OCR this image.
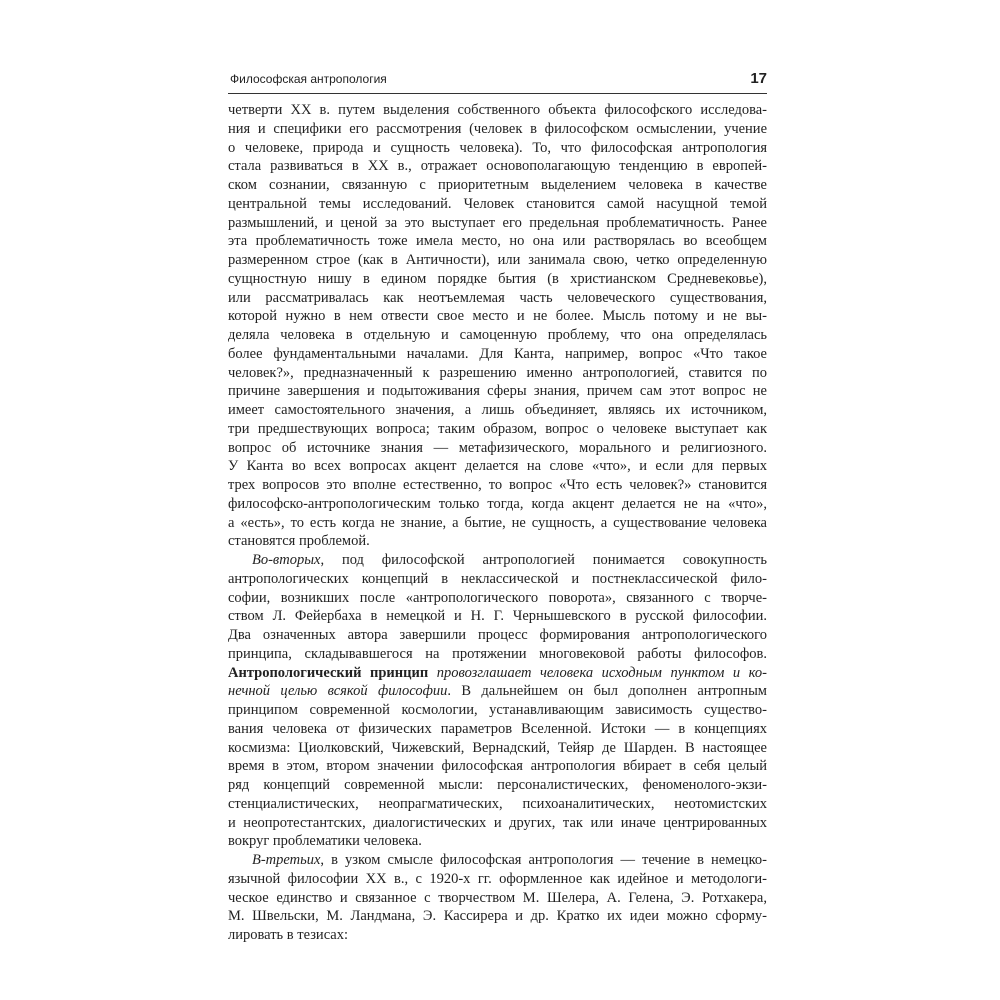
Философская антропология	17
четверти XX в. путем выделения собственного объекта философского исследова-
ния и специфики его рассмотрения (человек в философском осмыслении, учение
о человеке, природа и сущность человека). То, что философская антропология
стала развиваться в XX в., отражает основополагающую тенденцию в европей-
ском сознании, связанную с приоритетным выделением человека в качестве
центральной темы исследований. Человек становится самой насущной темой
размышлений, и ценой за это выступает его предельная проблематичность. Ранее
эта проблематичность тоже имела место, но она или растворялась во всеобщем
размеренном строе (как в Античности), или занимала свою, четко определенную
сущностную нишу в едином порядке бытия (в христианском Средневековье),
или рассматривалась как неотъемлемая часть человеческого существования,
которой нужно в нем отвести свое место и не более. Мысль потому и не вы-
деляла человека в отдельную и самоценную проблему, что она определялась
более фундаментальными началами. Для Канта, например, вопрос «Что такое
человек?», предназначенный к разрешению именно антропологией, ставится по
причине завершения и подытоживания сферы знания, причем сам этот вопрос не
имеет самостоятельного значения, а лишь объединяет, являясь их источником,
три предшествующих вопроса; таким образом, вопрос о человеке выступает как
вопрос об источнике знания — метафизического, морального и религиозного.
У Канта во всех вопросах акцент делается на слове «что», и если для первых
трех вопросов это вполне естественно, то вопрос «Что есть человек?» становится
философско-антропологическим только тогда, когда акцент делается не на «что»,
а «есть», то есть когда не знание, а бытие, не сущность, а существование человека
становятся проблемой.
Во-вторых, под философской антропологией понимается совокупность
антропологических концепций в неклассической и постнеклассической фило-
софии, возникших после «антропологического поворота», связанного с творче-
ством Л. Фейербаха в немецкой и Н. Г. Чернышевского в русской философии.
Два означенных автора завершили процесс формирования антропологического
принципа, складывавшегося на протяжении многовековой работы философов.
Антропологический принцип провозглашает человека исходным пунктом и ко-
нечной целью всякой философии. В дальнейшем он был дополнен антропным
принципом современной космологии, устанавливающим зависимость существо-
вания человека от физических параметров Вселенной. Истоки — в концепциях
космизма: Циолковский, Чижевский, Вернадский, Тейяр де Шарден. В настоящее
время в этом, втором значении философская антропология вбирает в себя целый
ряд концепций современной мысли: персоналистических, феноменолого-экзи-
стенциалистических, неопрагматических, психоаналитических, неотомистских
и неопротестантских, диалогистических и других, так или иначе центрированных
вокруг проблематики человека.
В-третьих, в узком смысле философская антропология — течение в немецко-
язычной философии XX в., с 1920-х гг. оформленное как идейное и методологи-
ческое единство и связанное с творчеством М. Шелера, А. Гелена, Э. Ротхакера,
М. Швельски, М. Ландмана, Э. Кассирера и др. Кратко их идеи можно сформу-
лировать в тезисах:
